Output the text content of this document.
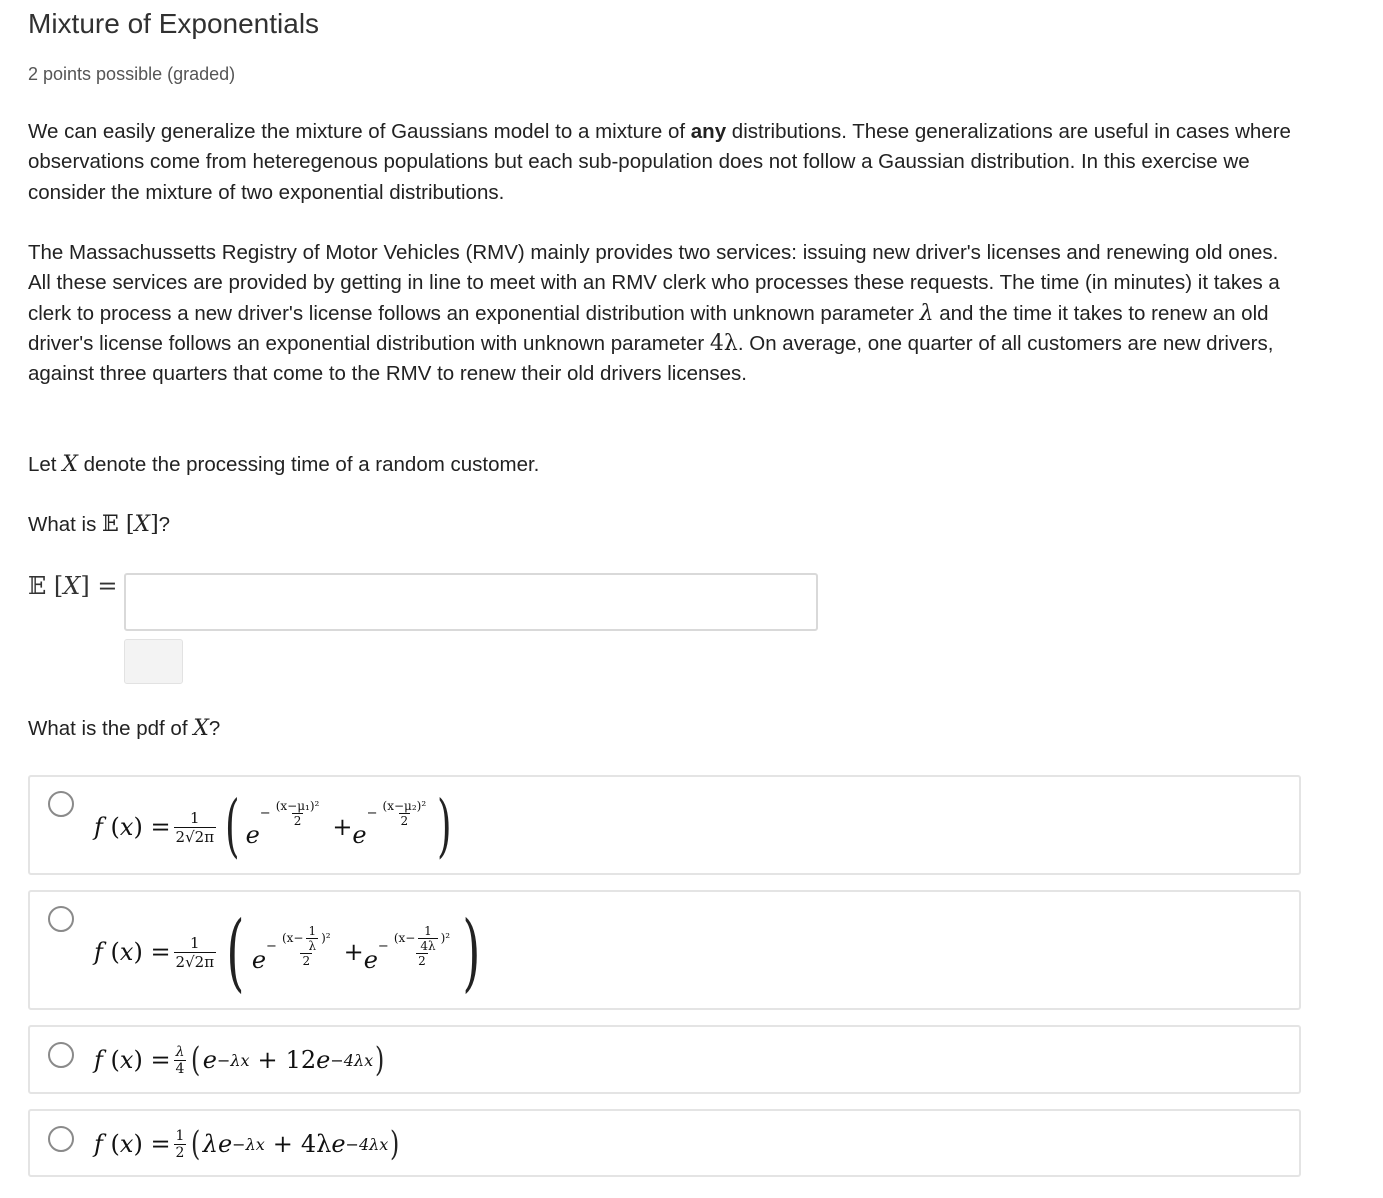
Mixture of Exponentials
2 points possible (graded)

We can easily generalize the mixture of Gaussians model to a mixture of any distributions. These generalizations are useful in cases where observations come from heteregenous populations but each sub-population does not follow a Gaussian distribution. In this exercise we consider the mixture of two exponential distributions.

The Massachussetts Registry of Motor Vehicles (RMV) mainly provides two services: issuing new driver's licenses and renewing old ones. All these services are provided by getting in line to meet with an RMV clerk who processes these requests. The time (in minutes) it takes a clerk to process a new driver's license follows an exponential distribution with unknown parameter λ and the time it takes to renew an old driver's license follows an exponential distribution with unknown parameter 4λ. On average, one quarter of all customers are new drivers, against three quarters that come to the RMV to renew their old drivers licenses.

Let X denote the processing time of a random customer.

What is 𝔼 [X]?

𝔼 [X] =

What is the pdf of X?

f ( x ) = $\frac{1}{2√2\pi}$ ( e
− $\frac{\text{(x−μ₁)²}}{2} + e$
− $\frac{\text{(x−μ₂)²}}{2}$ )
f ( x ) = $\frac{1}{2√2\pi}$ ( $e - \frac{(x- \frac{1}{\lambda} )^2}{2} + e - \frac{(x- \frac{1}{4\lambda} )^2}{2}$ )
f ( x ) = $\frac{\lambda}{4}$ ( e −λx + 12 e −4λx )
f ( x ) = $\frac{1}{2}$ ( λ e −λx + 4λ e −4λx )
